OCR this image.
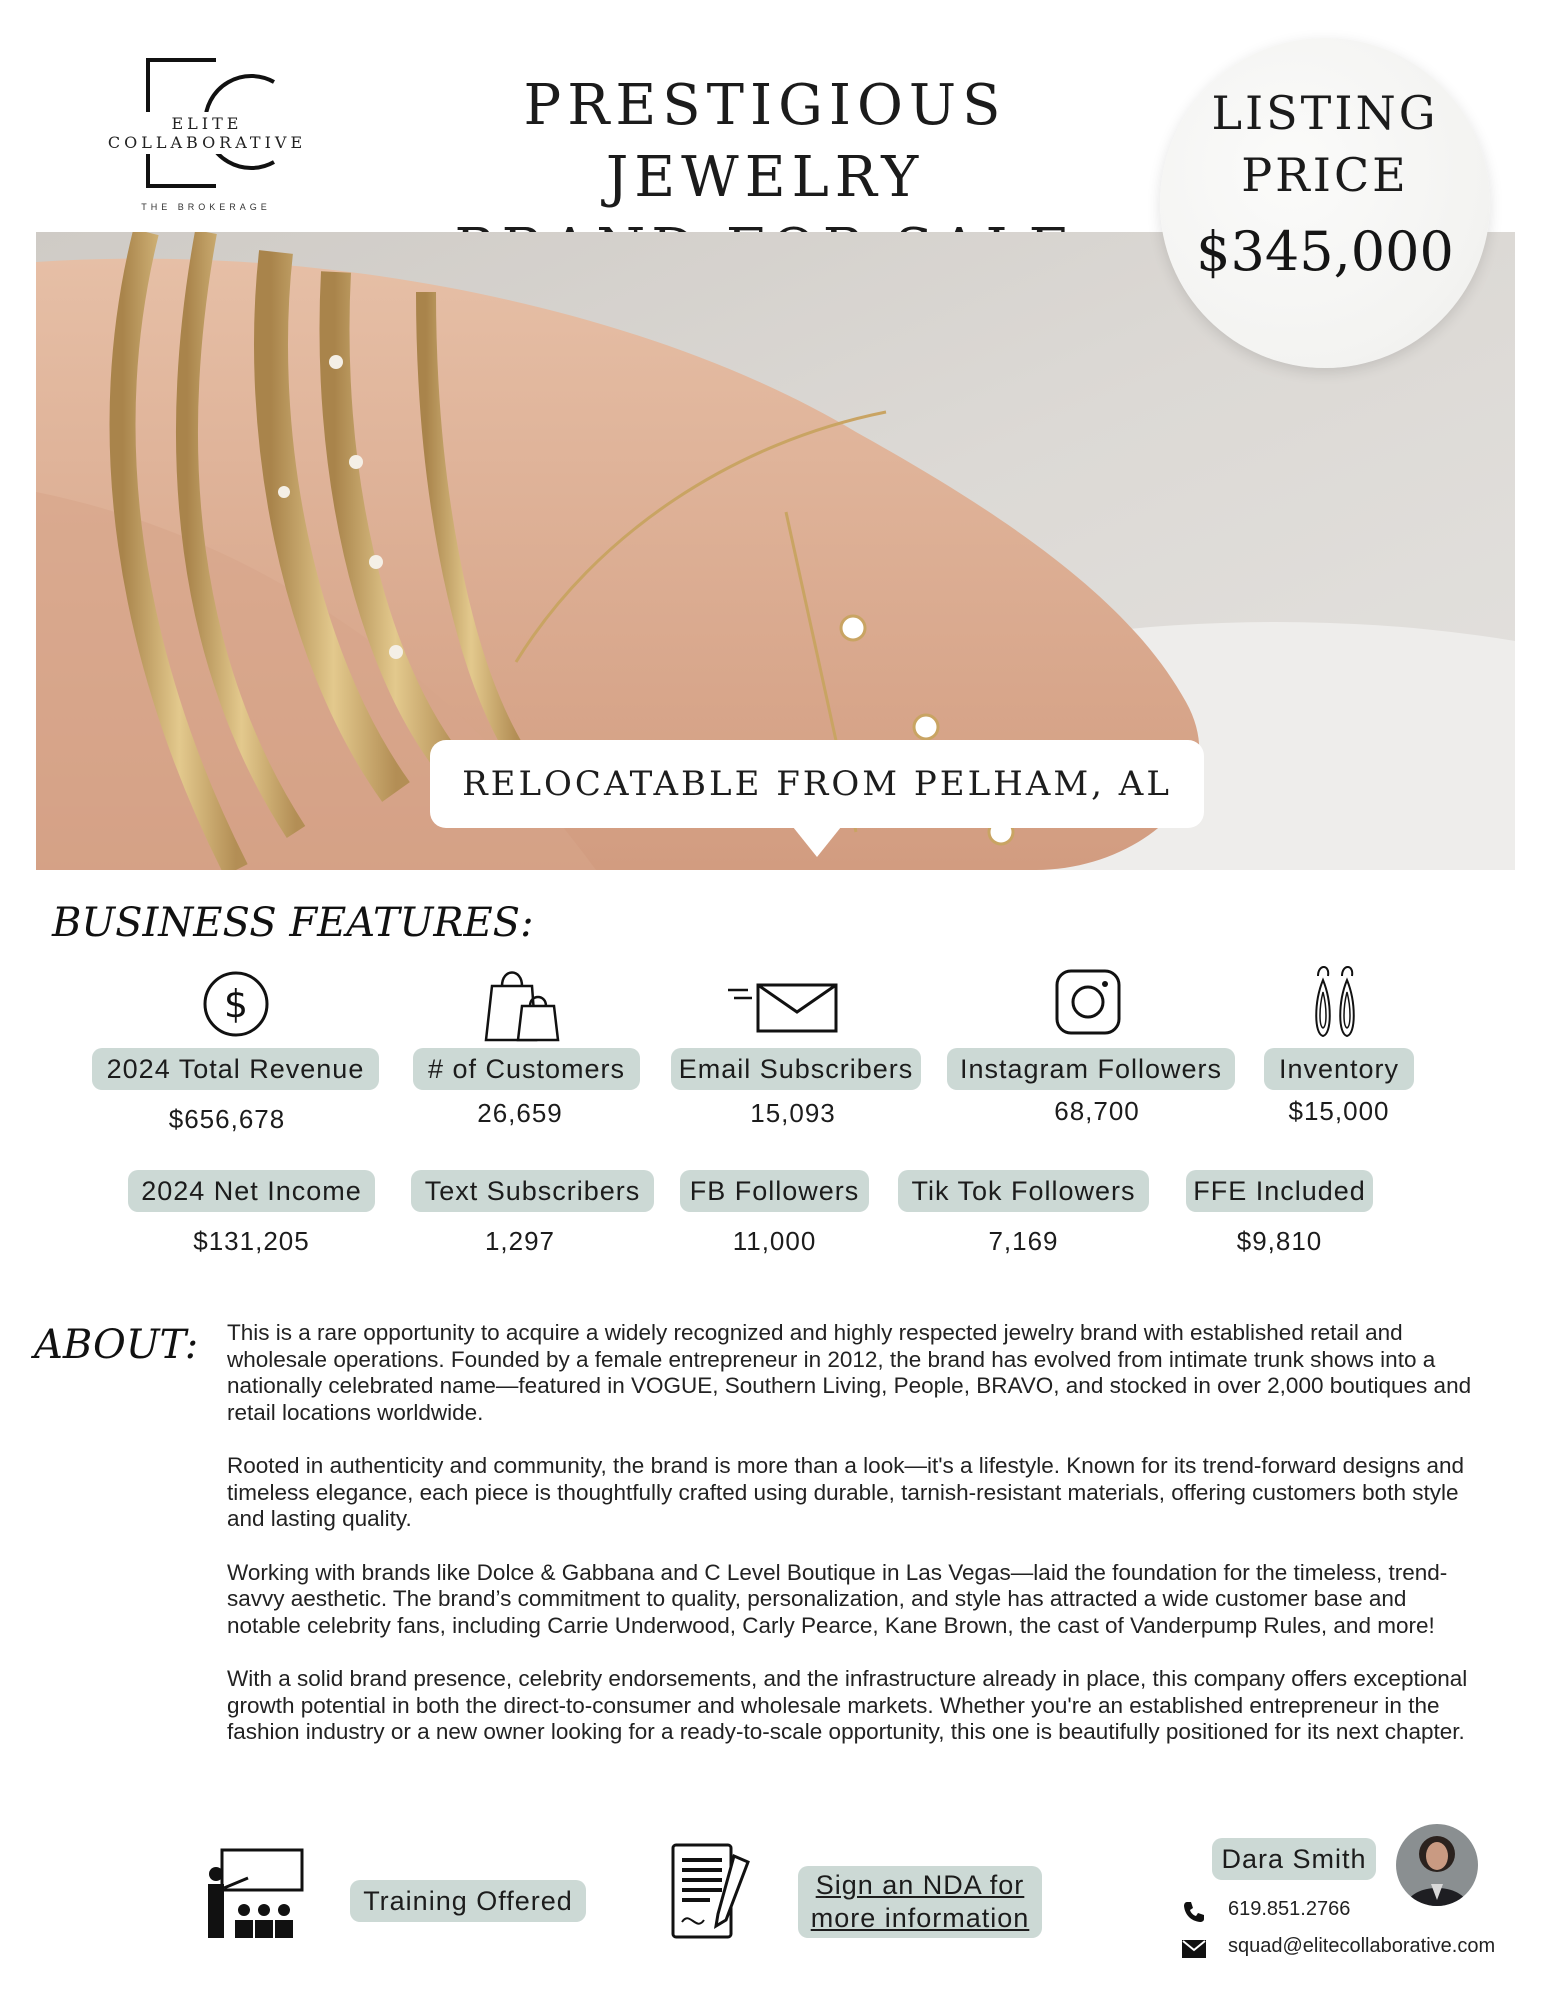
ELITE COLLABORATIVE
THE BROKERAGE
PRESTIGIOUS JEWELRY
LISTING
PRICE
$345,000
RELOCATABLE FROM PELHAM, AL
BUSINESS FEATURES:
$
2024 Total Revenue	# of Customers	Email Subscribers	Instagram Followers	Inventory
$656,678	26,659	15,093	68,700	$15,000
2024 Net Income	Text Subscribers	FB Followers	Tik Tok Followers	FFE Included
$131,205	1,297	11,000	7,169	$9,810
ABOUT: This is a rare opportunity to acquire a widely recognized and highly respected jewelry brand with established retail and wholesale operations. Founded by a female entrepreneur in 2012, the brand has evolved from intimate trunk shows into a nationally celebrated name—featured in VOGUE, Southern Living, People, BRAVO, and stocked in over 2,000 boutiques and retail locations worldwide.

Rooted in authenticity and community, the brand is more than a look—it's a lifestyle. Known for its trend-forward designs and timeless elegance, each piece is thoughtfully crafted using durable, tarnish-resistant materials, offering customers both style and lasting quality.

Working with brands like Dolce & Gabbana and C Level Boutique in Las Vegas—laid the foundation for the timeless, trend-savvy aesthetic. The brand’s commitment to quality, personalization, and style has attracted a wide customer base and notable celebrity fans, including Carrie Underwood, Carly Pearce, Kane Brown, the cast of Vanderpump Rules, and more!

With a solid brand presence, celebrity endorsements, and the infrastructure already in place, this company offers exceptional growth potential in both the direct-to-consumer and wholesale markets. Whether you're an established entrepreneur in the fashion industry or a new owner looking for a ready-to-scale opportunity, this one is beautifully positioned for its next chapter.

Training Offered
Sign an NDA for
more information
Dara Smith
619.851.2766
squad@elitecollaborative.com
